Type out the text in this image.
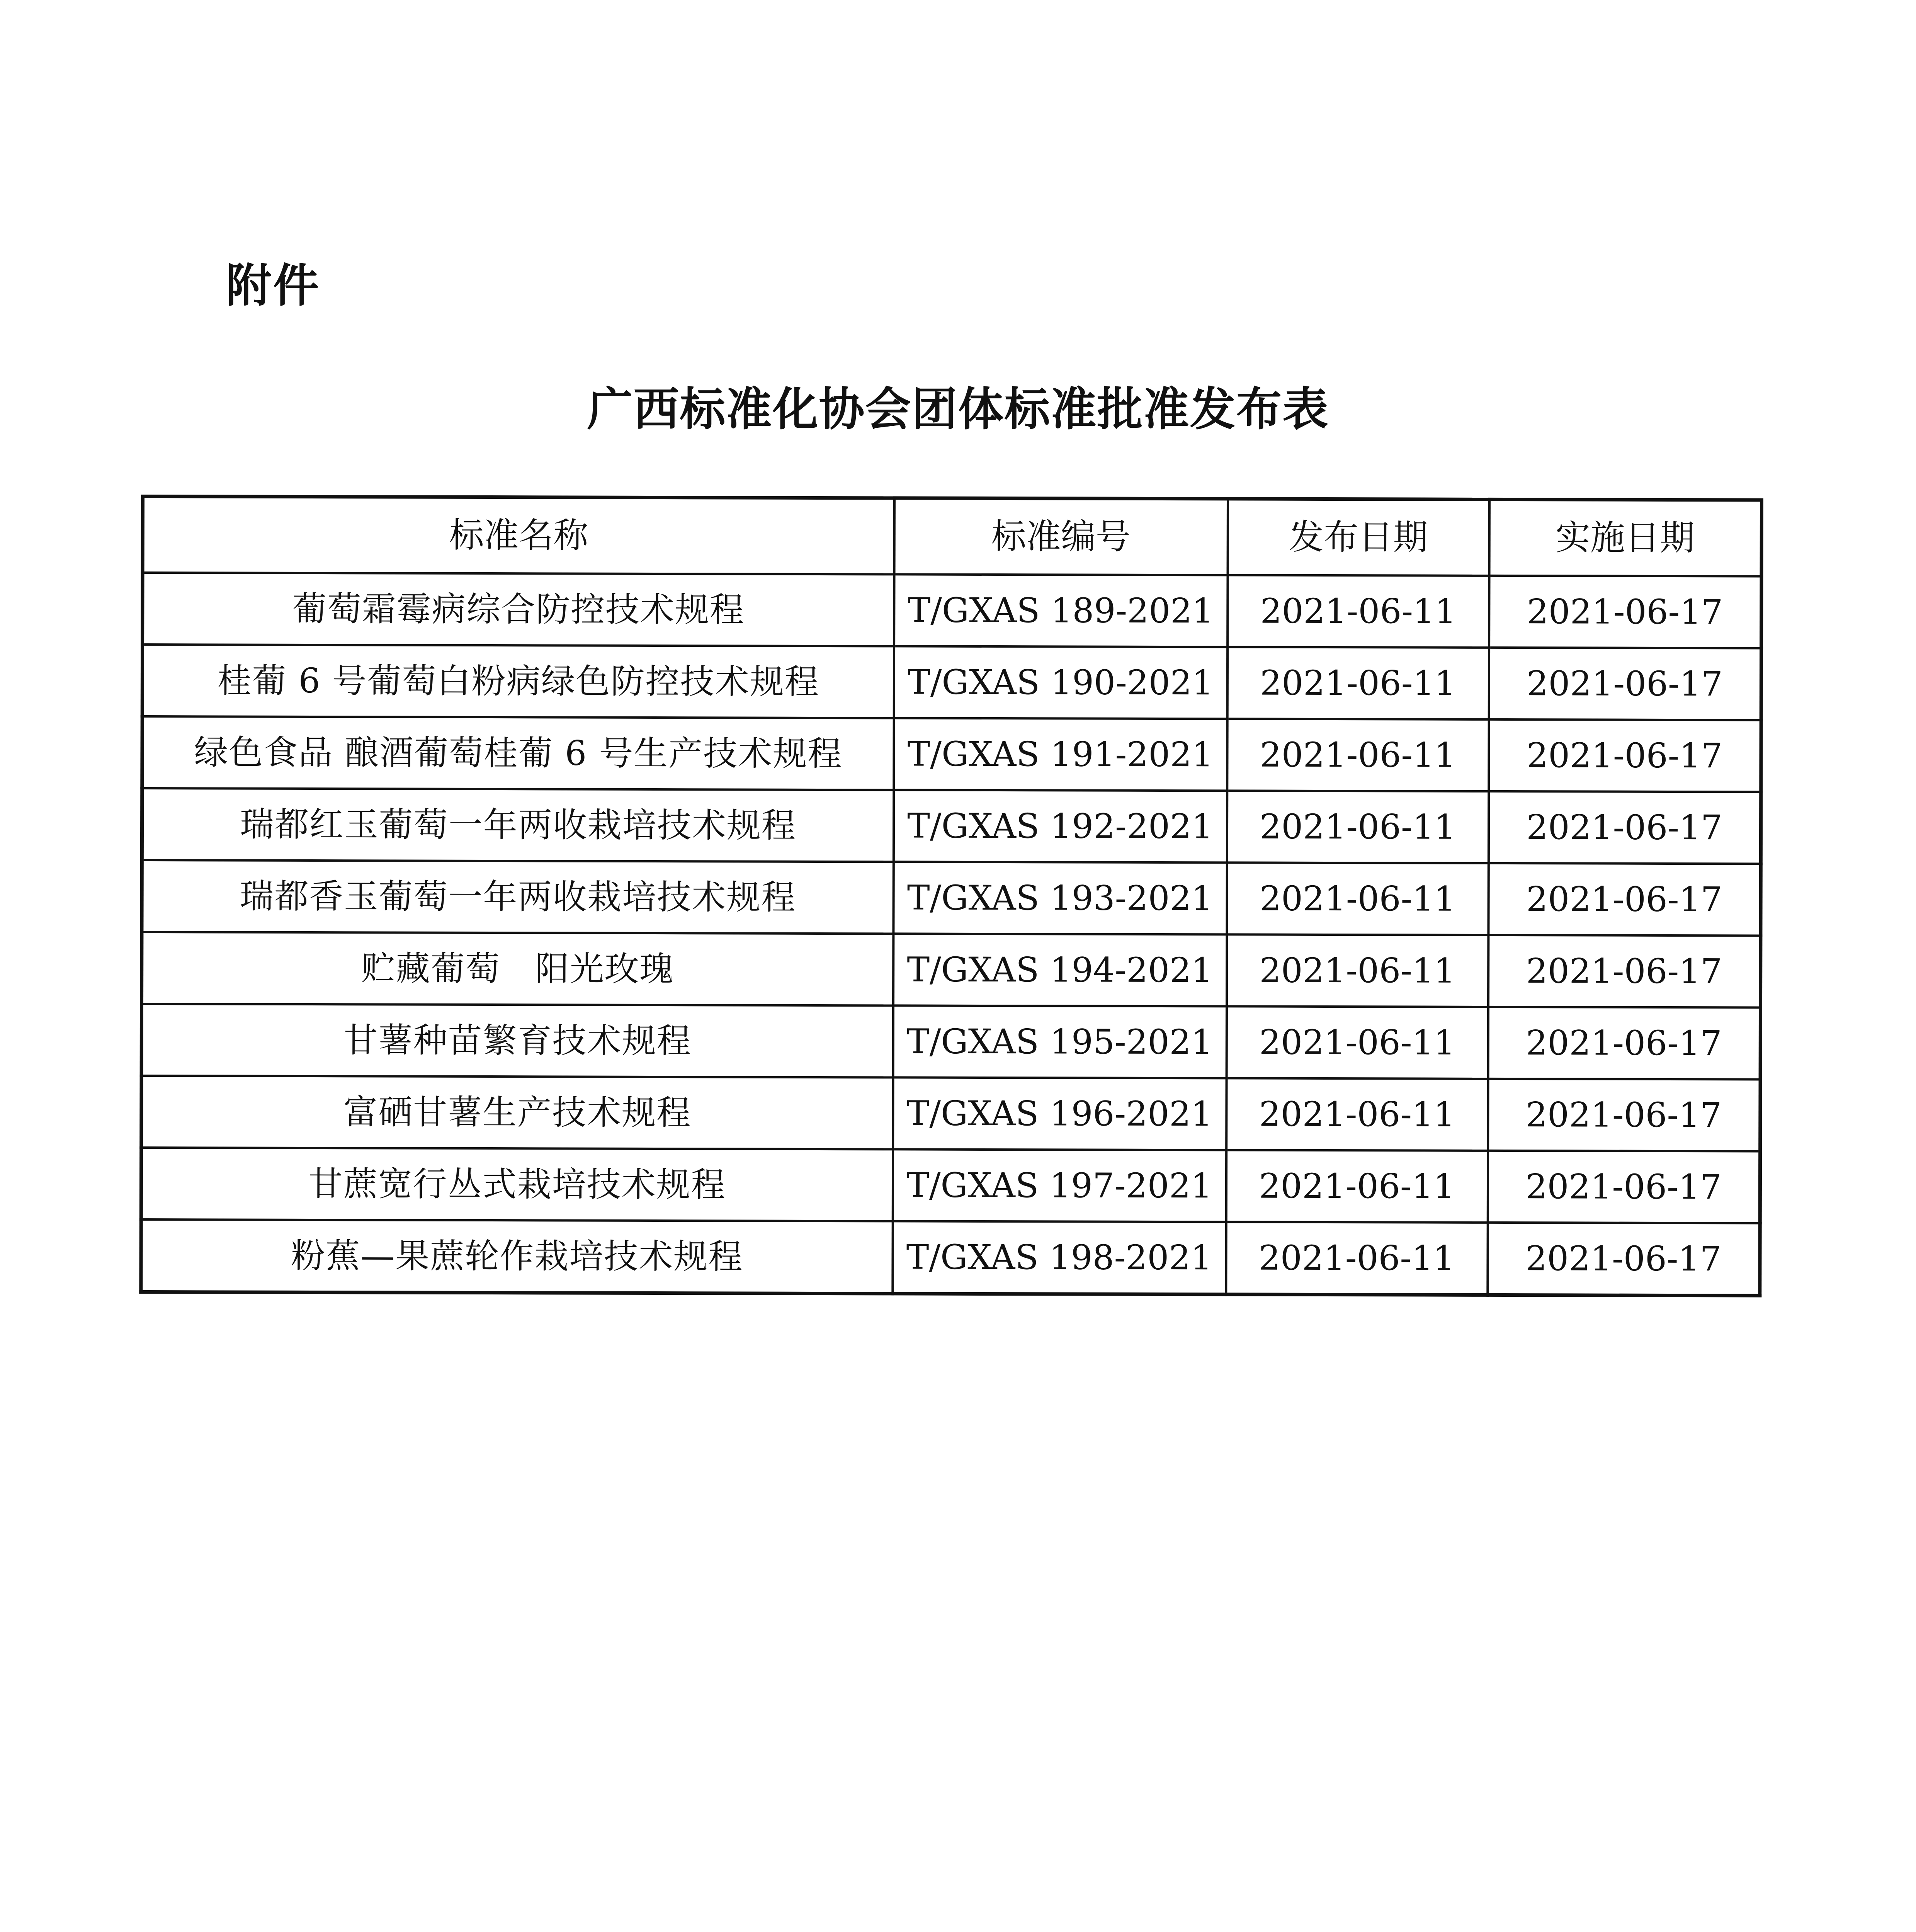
附件
广西标准化协会团体标准批准发布表
标准名称	标准编号	发布日期	实施日期
葡萄霜霉病综合防控技术规程	T/GXAS 189-2021	2021-06-11	2021-06-17
桂葡 6 号葡萄白粉病绿色防控技术规程	T/GXAS 190-2021	2021-06-11	2021-06-17
绿色食品 酿酒葡萄桂葡 6 号生产技术规程	T/GXAS 191-2021	2021-06-11	2021-06-17
瑞都红玉葡萄一年两收栽培技术规程	T/GXAS 192-2021	2021-06-11	2021-06-17
瑞都香玉葡萄一年两收栽培技术规程	T/GXAS 193-2021	2021-06-11	2021-06-17
贮藏葡萄　阳光玫瑰	T/GXAS 194-2021	2021-06-11	2021-06-17
甘薯种苗繁育技术规程	T/GXAS 195-2021	2021-06-11	2021-06-17
富硒甘薯生产技术规程	T/GXAS 196-2021	2021-06-11	2021-06-17
甘蔗宽行丛式栽培技术规程	T/GXAS 197-2021	2021-06-11	2021-06-17
粉蕉—果蔗轮作栽培技术规程	T/GXAS 198-2021	2021-06-11	2021-06-17
